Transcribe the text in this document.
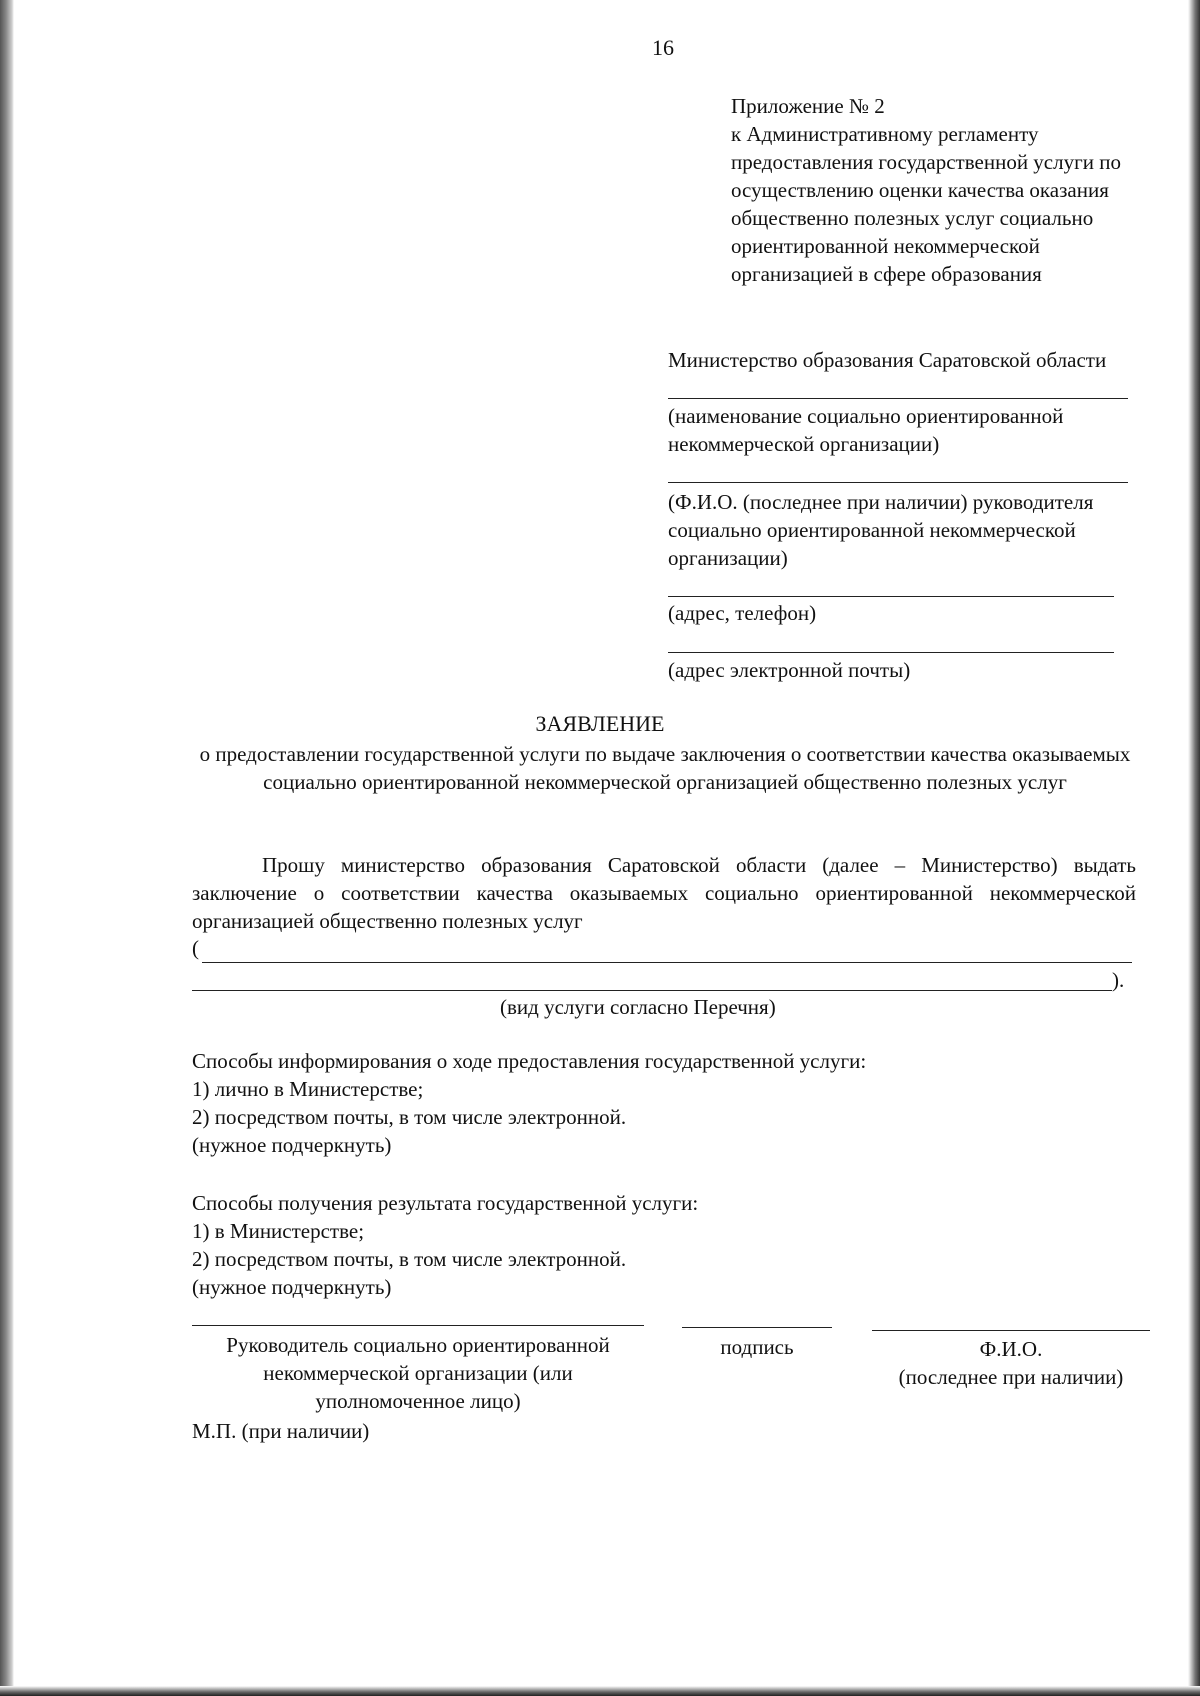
16
Приложение № 2
к Административному регламенту
предоставления государственной услуги по
осуществлению оценки качества оказания
общественно полезных услуг социально
ориентированной некоммерческой
организацией в сфере образования
Министерство образования Саратовской области
(наименование социально ориентированной некоммерческой организации)
(Ф.И.О. (последнее при наличии) руководителя социально ориентированной некоммерческой организации)
(адрес, телефон)
(адрес электронной почты)
ЗАЯВЛЕНИЕ
о предоставлении государственной услуги по выдаче заключения о соответствии качества оказываемых социально ориентированной некоммерческой организацией общественно полезных услуг
Прошу министерство образования Саратовской области (далее – Министерство) выдать заключение о соответствии качества оказываемых социально ориентированной некоммерческой организацией общественно полезных услуг
(
).
(вид услуги согласно Перечня)
Способы информирования о ходе предоставления государственной услуги:
1) лично в Министерстве;
2) посредством почты, в том числе электронной.
(нужное подчеркнуть)
Способы получения результата государственной услуги:
1) в Министерстве;
2) посредством почты, в том числе электронной.
(нужное подчеркнуть)
Руководитель социально ориентированной некоммерческой организации (или уполномоченное лицо)
подпись	Ф.И.О.
(последнее при наличии)
М.П. (при наличии)
